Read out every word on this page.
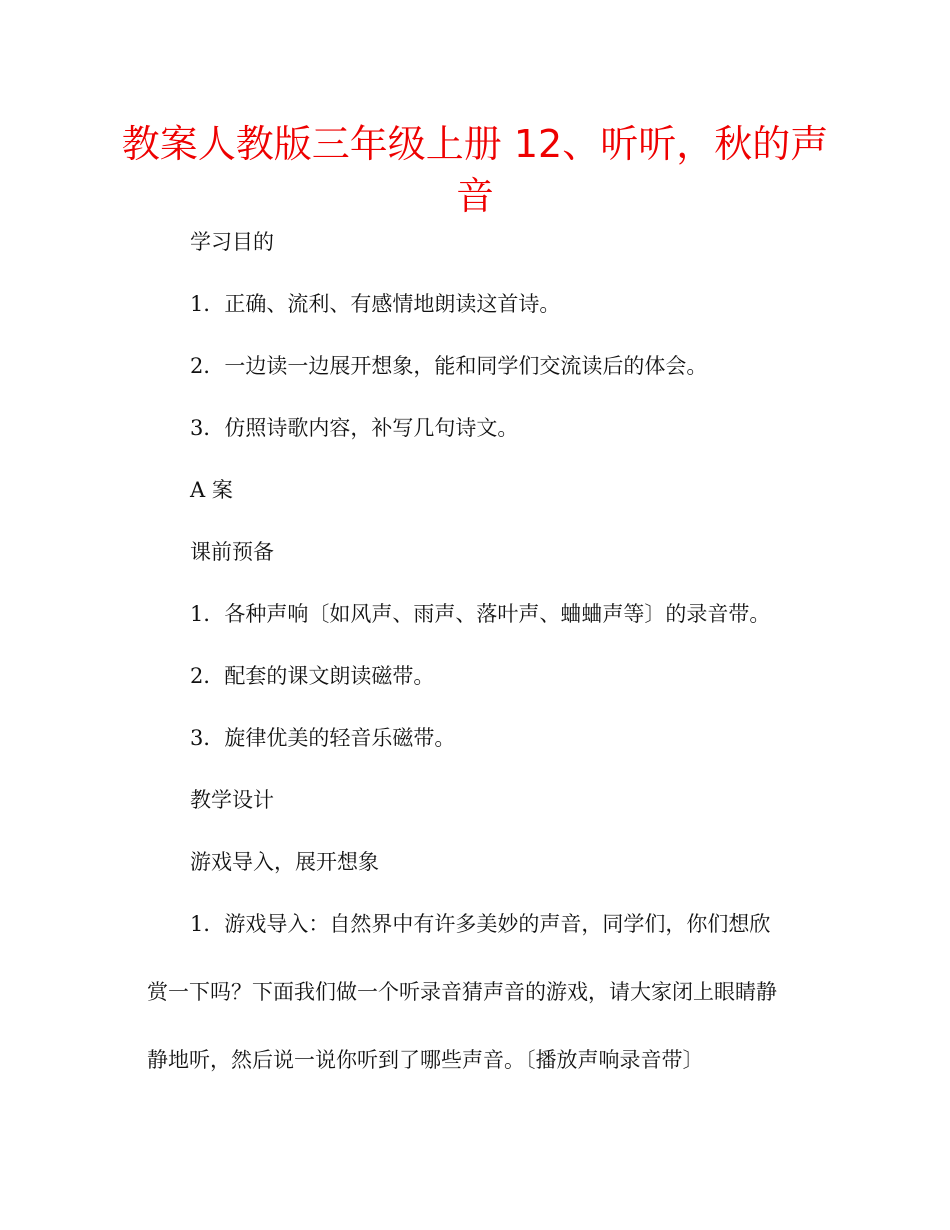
教案人教版三年级上册 12、听听，秋的声音
学习目的
1．正确、流利、有感情地朗读这首诗。
2．一边读一边展开想象，能和同学们交流读后的体会。
3．仿照诗歌内容，补写几句诗文。
A 案
课前预备
1．各种声响〔如风声、雨声、落叶声、蛐蛐声等〕的录音带。
2．配套的课文朗读磁带。
3．旋律优美的轻音乐磁带。
教学设计
游戏导入，展开想象
1．游戏导入：自然界中有许多美妙的声音，同学们，你们想欣
赏一下吗？下面我们做一个听录音猜声音的游戏，请大家闭上眼睛静
静地听，然后说一说你听到了哪些声音。〔播放声响录音带〕
